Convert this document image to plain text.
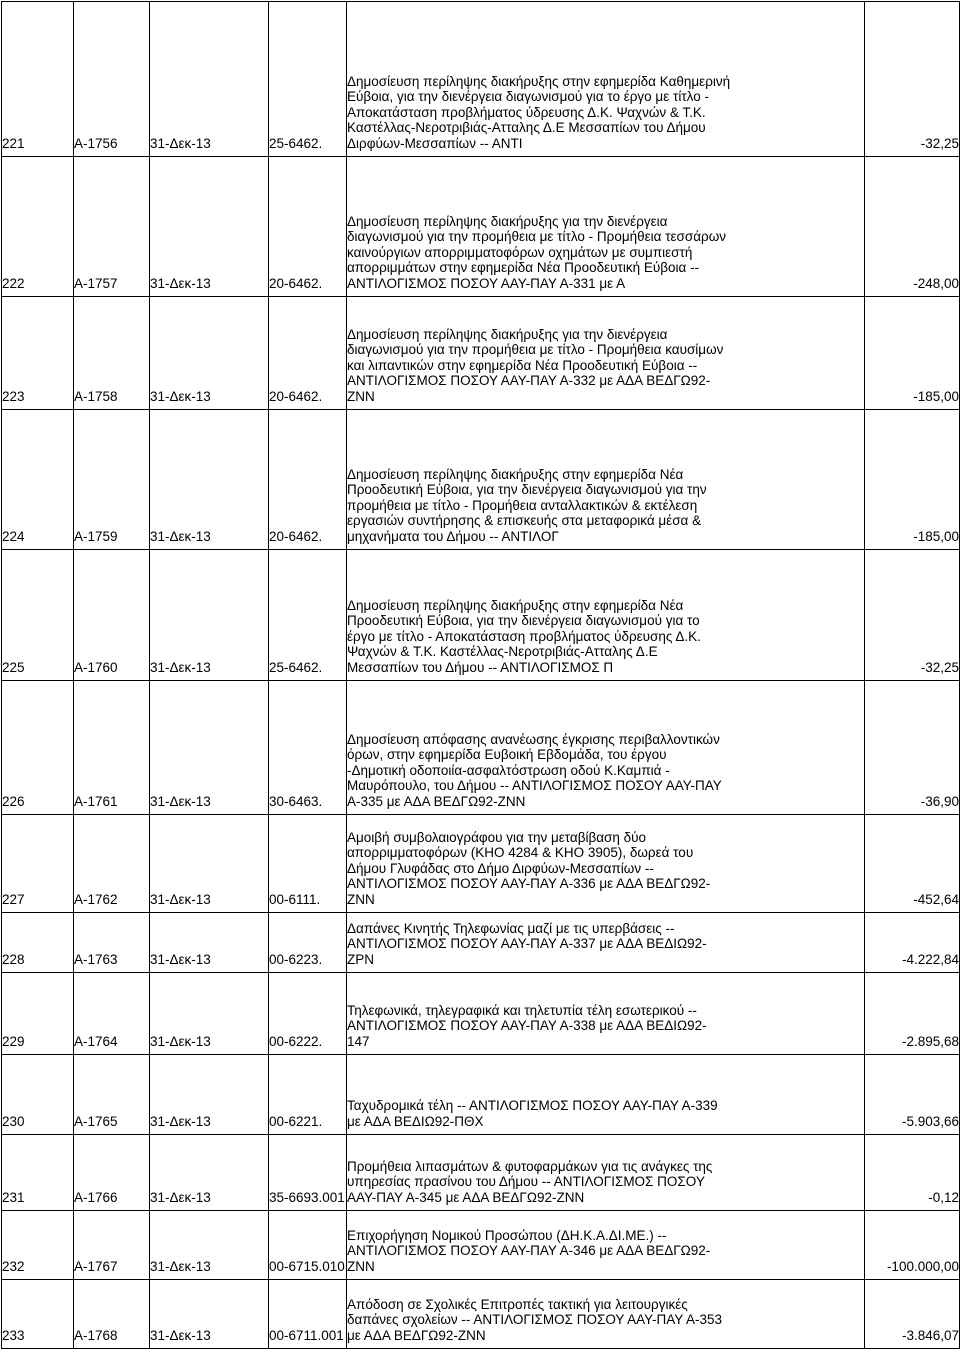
221	Α-1756	31-Δεκ-13	25-6462.	Δημοσίευση περίληψης διακήρυξης στην εφημερίδα Καθημερινή
Εύβοια, για την διενέργεια διαγωνισμού για το έργο με τίτλο -
Αποκατάσταση προβλήματος ύδρευσης Δ.Κ. Ψαχνών & Τ.Κ.
Καστέλλας-Νεροτριβιάς-Ατταλης Δ.Ε Μεσσαπίων του Δήμου
Διρφύων-Μεσσαπίων -- ΑΝΤΙ	-32,25
222	Α-1757	31-Δεκ-13	20-6462.	Δημοσίευση περίληψης διακήρυξης για την διενέργεια
διαγωνισμού για την προμήθεια με τίτλο - Προμήθεια τεσσάρων
καινούργιων απορριμματοφόρων οχημάτων με συμπιεστή
απορριμμάτων στην εφημερίδα Νέα Προοδευτική Εύβοια --
ΑΝΤΙΛΟΓΙΣΜΟΣ ΠΟΣΟΥ ΑΑΥ-ΠΑΥ Α-331 με Α	-248,00
223	Α-1758	31-Δεκ-13	20-6462.	Δημοσίευση περίληψης διακήρυξης για την διενέργεια
διαγωνισμού για την προμήθεια με τίτλο - Προμήθεια καυσίμων
και λιπαντικών στην εφημερίδα Νέα Προοδευτική Εύβοια --
ΑΝΤΙΛΟΓΙΣΜΟΣ ΠΟΣΟΥ ΑΑΥ-ΠΑΥ Α-332 με ΑΔΑ ΒΕΔΓΩ92-
ΖΝΝ	-185,00
224	Α-1759	31-Δεκ-13	20-6462.	Δημοσίευση περίληψης διακήρυξης στην εφημερίδα Νέα
Προοδευτική Εύβοια, για την διενέργεια διαγωνισμού για την
προμήθεια με τίτλο - Προμήθεια ανταλλακτικών & εκτέλεση
εργασιών συντήρησης & επισκευής στα μεταφορικά μέσα &
μηχανήματα του Δήμου -- ΑΝΤΙΛΟΓ	-185,00
225	Α-1760	31-Δεκ-13	25-6462.	Δημοσίευση περίληψης διακήρυξης στην εφημερίδα Νέα
Προοδευτική Εύβοια, για την διενέργεια διαγωνισμού για το
έργο με τίτλο - Αποκατάσταση προβλήματος ύδρευσης Δ.Κ.
Ψαχνών & Τ.Κ. Καστέλλας-Νεροτριβιάς-Ατταλης Δ.Ε
Μεσσαπίων του Δήμου -- ΑΝΤΙΛΟΓΙΣΜΟΣ Π	-32,25
226	Α-1761	31-Δεκ-13	30-6463.	Δημοσίευση απόφασης ανανέωσης έγκρισης περιβαλλοντικών
όρων, στην εφημερίδα Ευβοική Εβδομάδα, του έργου
-Δημοτική οδοποιία-ασφαλτόστρωση οδού Κ.Καμπιά -
Μαυρόπουλο, του Δήμου -- ΑΝΤΙΛΟΓΙΣΜΟΣ ΠΟΣΟΥ ΑΑΥ-ΠΑΥ
Α-335 με ΑΔΑ ΒΕΔΓΩ92-ΖΝΝ	-36,90
227	Α-1762	31-Δεκ-13	00-6111.	Αμοιβή συμβολαιογράφου για την μεταβίβαση δύο
απορριμματοφόρων (ΚΗΟ 4284 & ΚΗΟ 3905), δωρεά του
Δήμου Γλυφάδας στο Δήμο Διρφύων-Μεσσαπίων --
ΑΝΤΙΛΟΓΙΣΜΟΣ ΠΟΣΟΥ ΑΑΥ-ΠΑΥ Α-336 με ΑΔΑ ΒΕΔΓΩ92-
ΖΝΝ	-452,64
228	Α-1763	31-Δεκ-13	00-6223.	Δαπάνες Κινητής Τηλεφωνίας μαζί με τις υπερβάσεις --
ΑΝΤΙΛΟΓΙΣΜΟΣ ΠΟΣΟΥ ΑΑΥ-ΠΑΥ Α-337 με ΑΔΑ ΒΕΔΙΩ92-
ΖΡΝ	-4.222,84
229	Α-1764	31-Δεκ-13	00-6222.	Τηλεφωνικά, τηλεγραφικά και τηλετυπία τέλη εσωτερικού --
ΑΝΤΙΛΟΓΙΣΜΟΣ ΠΟΣΟΥ ΑΑΥ-ΠΑΥ Α-338 με ΑΔΑ ΒΕΔΙΩ92-
147	-2.895,68
230	Α-1765	31-Δεκ-13	00-6221.	Ταχυδρομικά τέλη -- ΑΝΤΙΛΟΓΙΣΜΟΣ ΠΟΣΟΥ ΑΑΥ-ΠΑΥ Α-339
με ΑΔΑ ΒΕΔΙΩ92-ΠΘΧ	-5.903,66
231	Α-1766	31-Δεκ-13	35-6693.001	Προμήθεια λιπασμάτων & φυτοφαρμάκων για τις ανάγκες της
υπηρεσίας πρασίνου του Δήμου -- ΑΝΤΙΛΟΓΙΣΜΟΣ ΠΟΣΟΥ
ΑΑΥ-ΠΑΥ Α-345 με ΑΔΑ ΒΕΔΓΩ92-ΖΝΝ	-0,12
232	Α-1767	31-Δεκ-13	00-6715.010	Επιχορήγηση Νομικού Προσώπου (ΔΗ.Κ.Α.ΔΙ.ΜΕ.) --
ΑΝΤΙΛΟΓΙΣΜΟΣ ΠΟΣΟΥ ΑΑΥ-ΠΑΥ Α-346 με ΑΔΑ ΒΕΔΓΩ92-
ΖΝΝ	-100.000,00
233	Α-1768	31-Δεκ-13	00-6711.001	Απόδοση σε Σχολικές Επιτροπές τακτική για λειτουργικές
δαπάνες σχολείων -- ΑΝΤΙΛΟΓΙΣΜΟΣ ΠΟΣΟΥ ΑΑΥ-ΠΑΥ Α-353
με ΑΔΑ ΒΕΔΓΩ92-ΖΝΝ	-3.846,07
